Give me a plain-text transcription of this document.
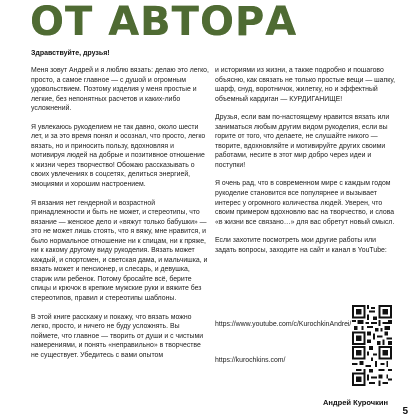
ОТ АВТОРА

Здравствуйте, друзья!

Меня зовут Андрей и я люблю вязать: делаю это легко, просто, а самое главное — с душой и огромным удовольствием. Поэтому изделия у меня простые и легкие, без непонятных расчетов и каких-либо усложнений.

Я увлекаюсь рукоделием не так давно, около шести лет, и за это время понял и осознал, что просто, легко вязать, но и приносить пользу, вдохновляя и мотивируя людей на добрые и позитивное отношение к жизни через творчество! Обожаю рассказывать о своих увлечениях в соцсетях, делиться энергией, эмоциями и хорошим настроением.

Я вязания нет гендерной и возрастной принадлежности и быть не может, и стереотипы, что вязание — женское дело и «вяжут только бабушки» — это не может лишь стоять, что я вяжу, мне нравится, и было нормальное отношение ни к спицам, ни к пряже, ни к какому другому виду рукоделия. Вязать может каждый, и спортсмен, и светская дама, и мальчишка, и вязать может и пенсионер, и слесарь, и девушка, старик или ребенок. Потому бросайте всё, берите спицы и крючок в крепкие мужские руки и вяжите без стереотипов, правил и стереотипы шаблоны.

В этой книге расскажу и покажу, что вязать можно легко, просто, и ничего не буду усложнять. Вы поймете, что главное — творить от души и с чистыми намерениями, и понять «неправильно» в творчестве не существует. Убедитесь с вами опытом

и историями из жизни, а также подробно и пошагово объясню, как связать не только простые вещи — шапку, шарф, снуд, воротничок, жилетку, но и эффектный объемный кардиган — КУРДИГАНИЩЕ!

Друзья, если вам по-настоящему нравится вязать или заниматься любым другим видом рукоделия, если вы горите от того, что делаете, не слушайте никого — творите, вдохновляйте и мотивируйте других своими работами, несите в этот мир добро через идеи и поступки!

Я очень рад, что в современном мире с каждым годом рукоделие становится все популярнее и вызывает интерес у огромного количества людей. Уверен, что своим примером вдохновлю вас на творчество, и слова «в жизни все связано…» для вас обретут новый смысл.

Если захотите посмотреть мои другие работы или задать вопросы, заходите на сайт и канал в YouTube:

https://www.youtube.com/c/KurochkinAndrei/
https://kurochkins.com/

Андрей Курочкин

5
